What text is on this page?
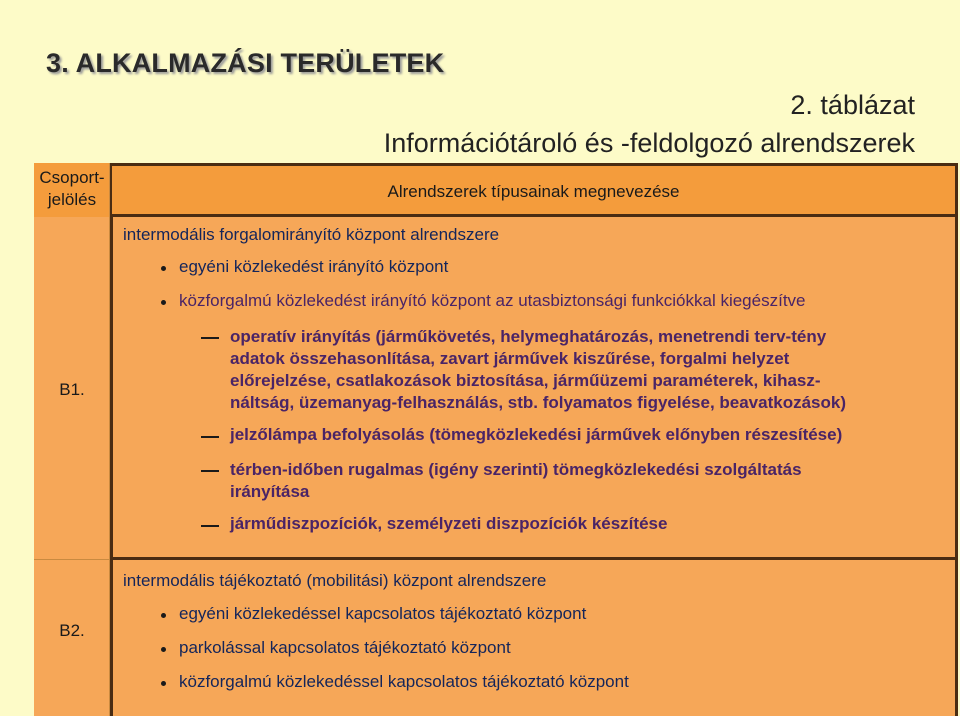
3. ALKALMAZÁSI TERÜLETEK
2. táblázat
Információtároló és -feldolgozó alrendszerek
Csoport-
jelölés	Alrendszerek típusainak megnevezése
B1.
intermodális forgalomirányító központ alrendszere
egyéni közlekedést irányító központ
közforgalmú közlekedést irányító központ az utasbiztonsági funkciókkal kiegészítve
operatív irányítás (járműkövetés, helymeghatározás, menetrendi terv-tény
adatok összehasonlítása, zavart járművek kiszűrése, forgalmi helyzet
előrejelzése, csatlakozások biztosítása, járműüzemi paraméterek, kihasz-
náltság, üzemanyag-felhasználás, stb. folyamatos figyelése, beavatkozások)
jelzőlámpa befolyásolás (tömegközlekedési járművek előnyben részesítése)
térben-időben rugalmas (igény szerinti) tömegközlekedési szolgáltatás
irányítása
járműdiszpozíciók, személyzeti diszpozíciók készítése
B2.
intermodális tájékoztató (mobilitási) központ alrendszere
egyéni közlekedéssel kapcsolatos tájékoztató központ
parkolással kapcsolatos tájékoztató központ
közforgalmú közlekedéssel kapcsolatos tájékoztató központ
